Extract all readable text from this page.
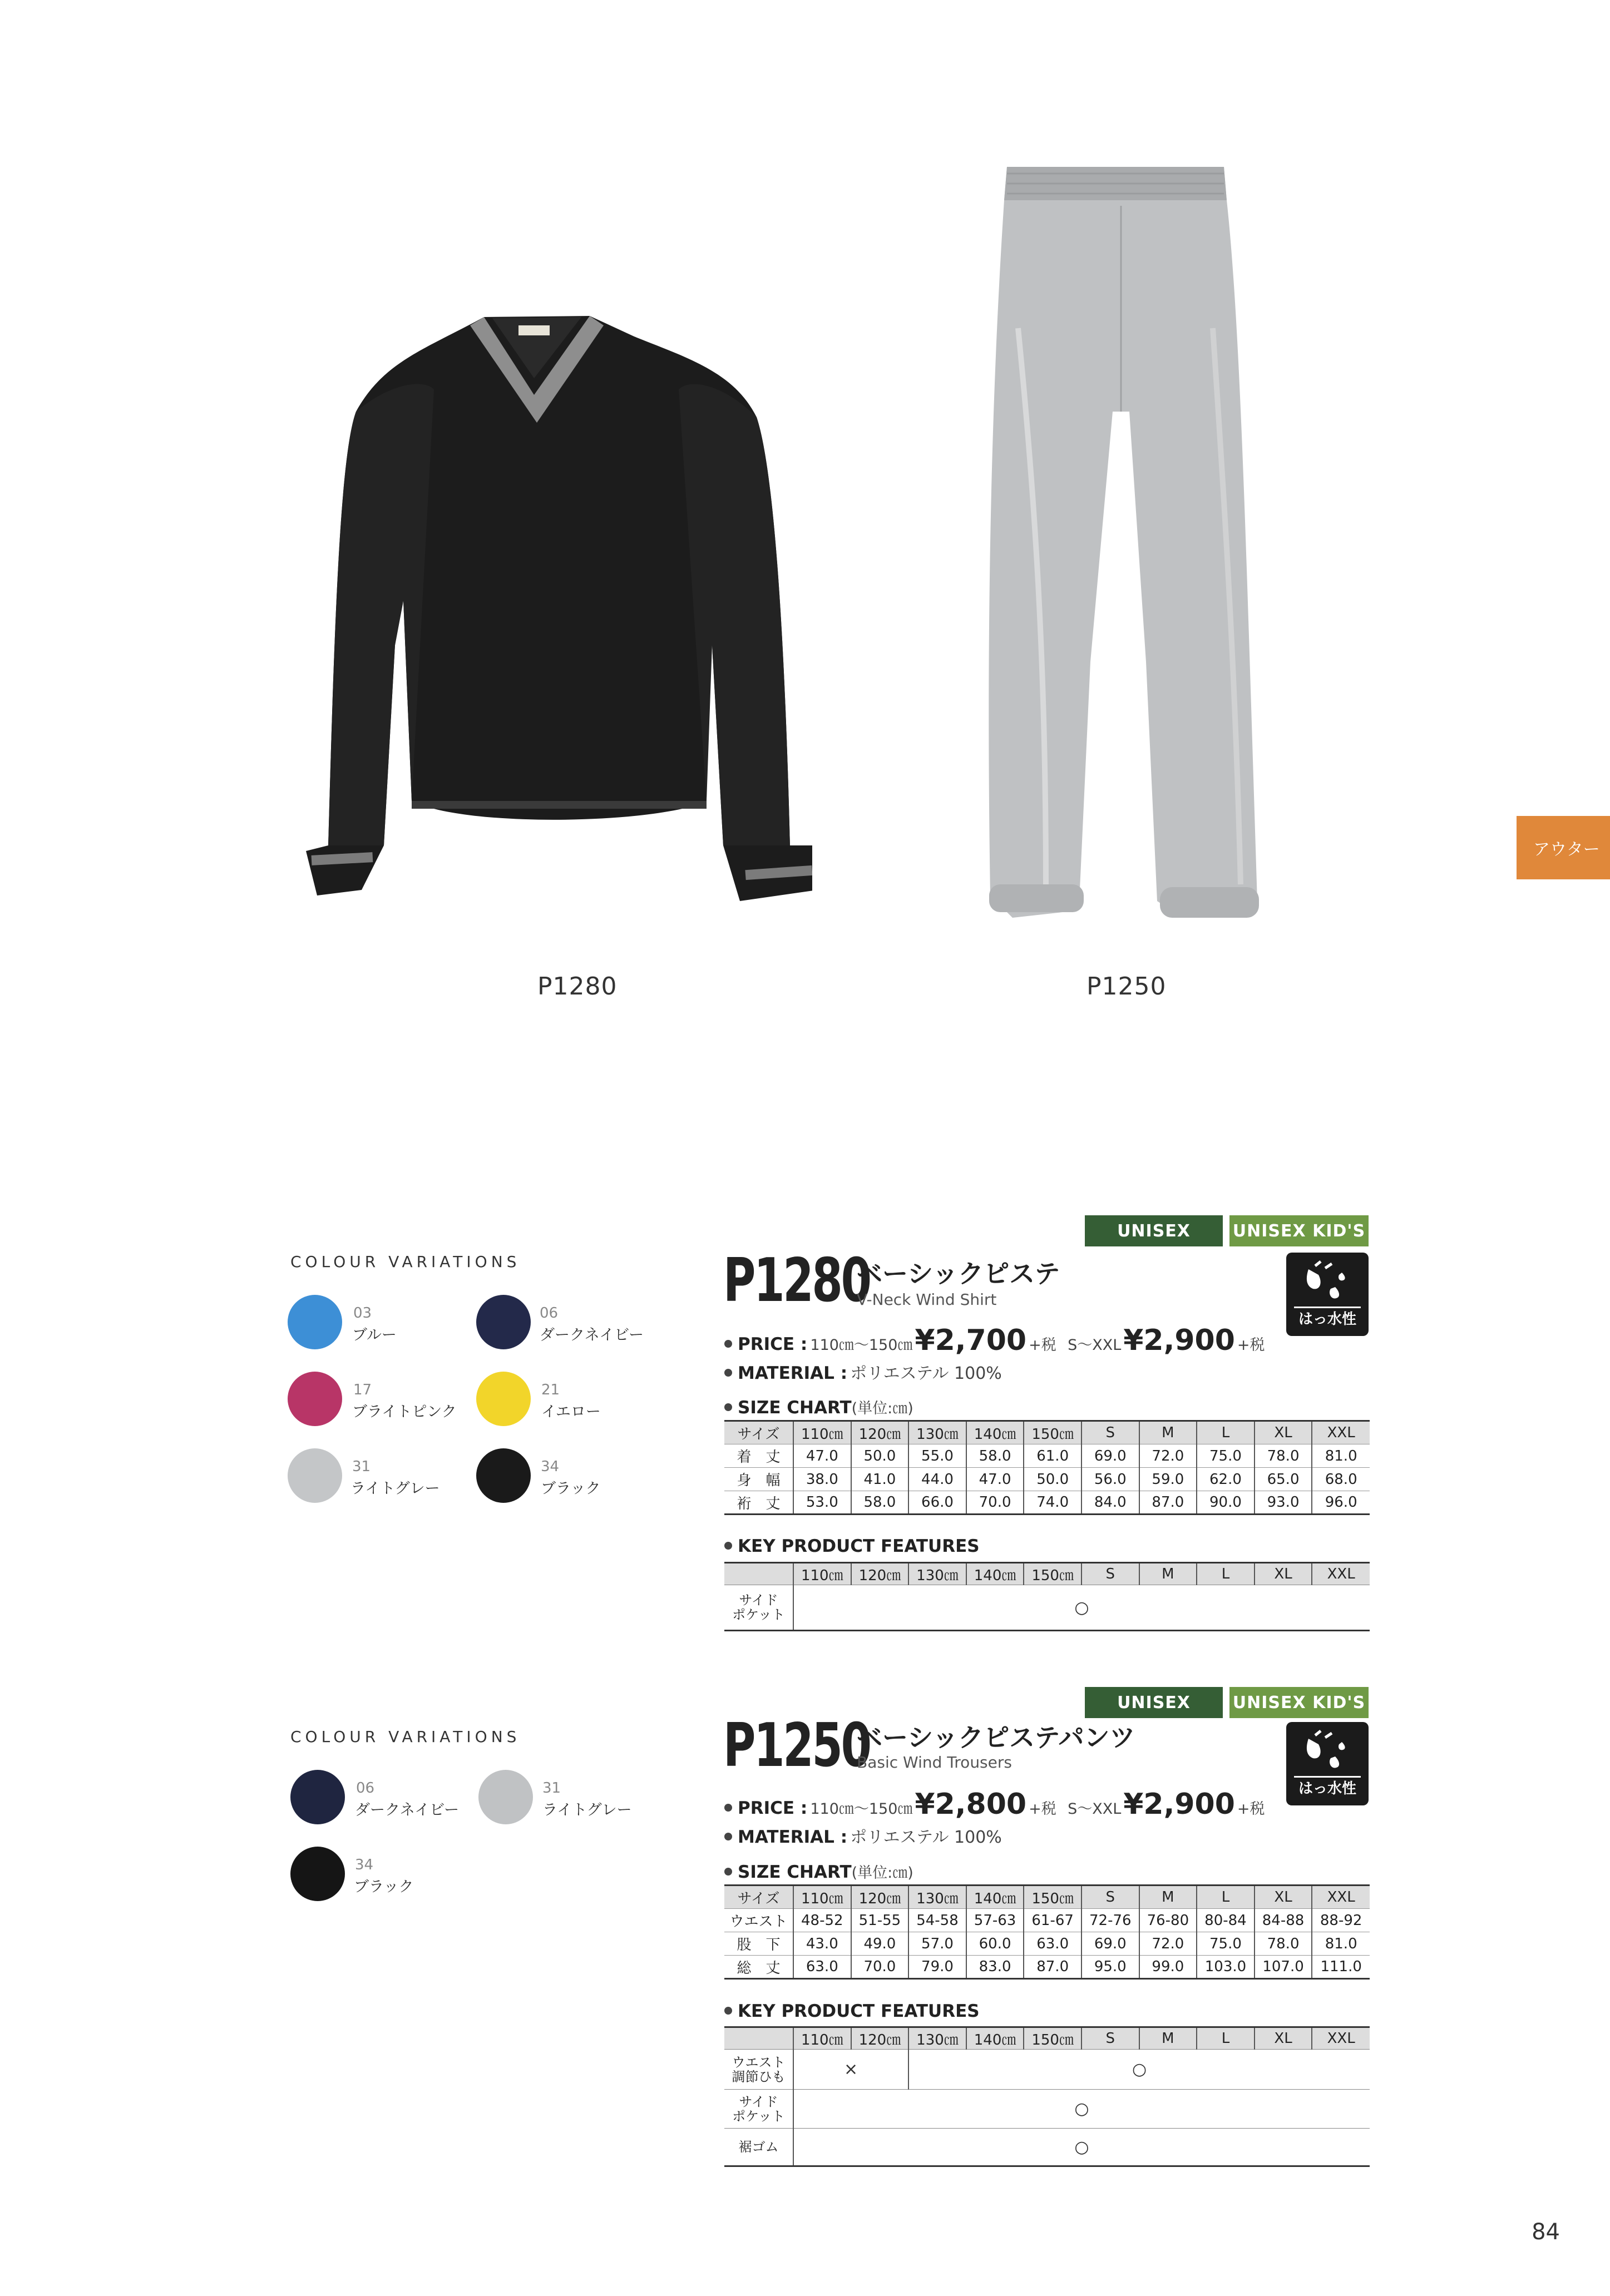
P1280	P1250
アウター
COLOUR VARIATIONS
03
ブルー
06
ダークネイビー
17
ブライトピンク
21
イエロー
31
ライトグレー
34
ブラック
UNISEX	UNISEX KID'S
P1280
ベーシックピステ
V-Neck Wind Shirt
はっ水性
PRICE :
110㎝〜150㎝ ¥2,700 +税
S〜XXL ¥2,900 +税
MATERIAL :
ポリエステル 100%
SIZE CHART (単位:㎝)
サイズ	110㎝	120㎝	130㎝	140㎝	150㎝	S	M	L	XL	XXL
着　丈	47.0	50.0	55.0	58.0	61.0	69.0	72.0	75.0	78.0	81.0
身　幅	38.0	41.0	44.0	47.0	50.0	56.0	59.0	62.0	65.0	68.0
裄　丈	53.0	58.0	66.0	70.0	74.0	84.0	87.0	90.0	93.0	96.0
KEY PRODUCT FEATURES
	110㎝	120㎝	130㎝	140㎝	150㎝	S	M	L	XL	XXL
サイド
ポケット	○									
COLOUR VARIATIONS
06
ダークネイビー
31
ライトグレー
34
ブラック
UNISEX	UNISEX KID'S
P1250
ベーシックピステパンツ
Basic Wind Trousers
はっ水性
PRICE :
110㎝〜150㎝ ¥2,800 +税
S〜XXL ¥2,900 +税
MATERIAL :
ポリエステル 100%
SIZE CHART (単位:㎝)
サイズ	110㎝	120㎝	130㎝	140㎝	150㎝	S	M	L	XL	XXL
ウエスト	48-52	51-55	54-58	57-63	61-67	72-76	76-80	80-84	84-88	88-92
股　下	43.0	49.0	57.0	60.0	63.0	69.0	72.0	75.0	78.0	81.0
総　丈	63.0	70.0	79.0	83.0	87.0	95.0	99.0	103.0	107.0	111.0
KEY PRODUCT FEATURES
	110㎝	120㎝	130㎝	140㎝	150㎝	S	M	L	XL	XXL
ウエスト
調節ひも	×		○							
サイド
ポケット	○									
裾ゴム	○									
84
